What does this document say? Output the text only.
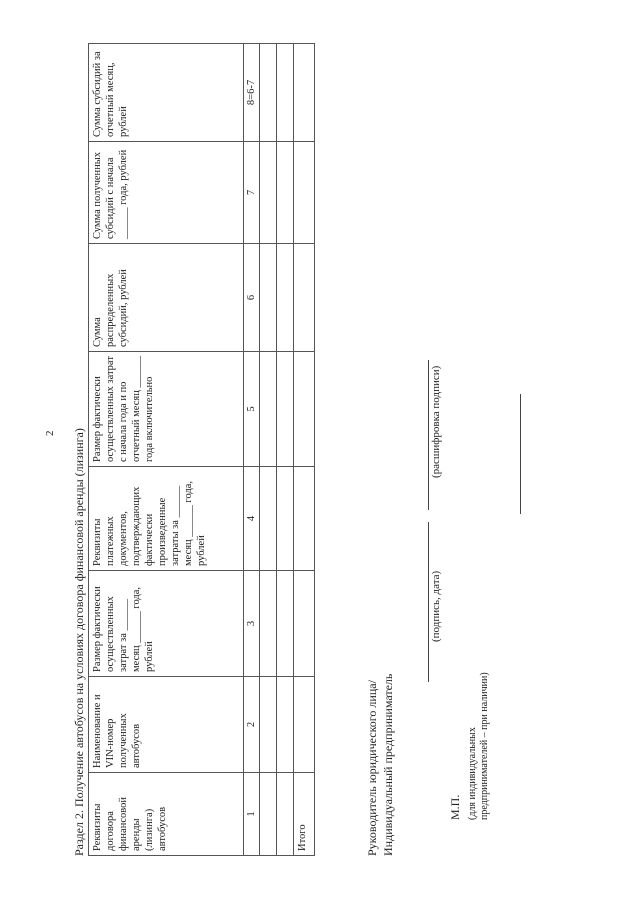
2 Раздел 2. Получение автобусов на условиях договора финансовой аренды (лизинга) Реквизиты договора финансовой аренды (лизинга) автобусов	Наименование и VIN-номер полученных автобусов	Размер фактически осуществленных затрат за ______ месяц ______ года, рублей	Реквизиты платежных документов, подтверждающих фактически произведенные затраты за ______ месяц ______ года, рублей	Размер фактически осуществленных затрат с начала года и по отчетный месяц ______ года включительно	Сумма распределенных субсидий, рублей	Сумма полученных субсидий с начала ______ года, рублей	Сумма субсидий за отчетный месяц, рублей
1	2	3	4	5	6	7	8=6-7

Итого								Руководитель юридического лица/ Индивидуальный предприниматель
(подпись, дата)
(расшифровка подписи)
М.П. (для индивидуальных предпринимателей – при наличии)
